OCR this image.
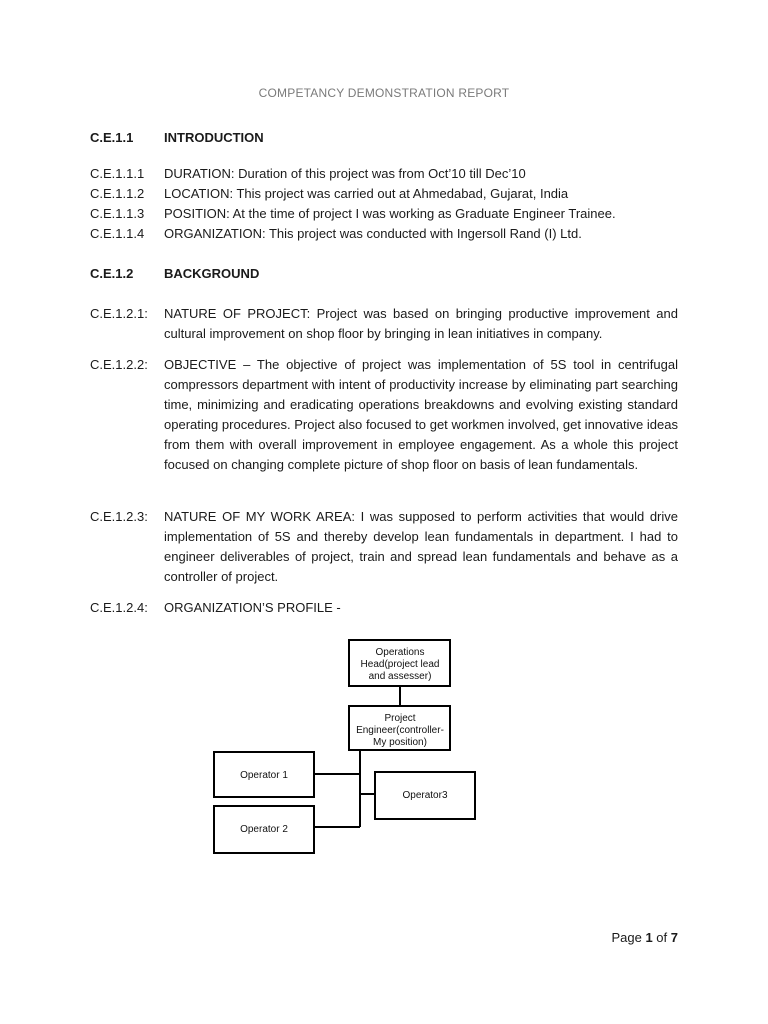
COMPETANCY DEMONSTRATION REPORT
C.E.1.1	INTRODUCTION
C.E.1.1.1	DURATION: Duration of this project was from Oct’10 till Dec’10
C.E.1.1.2	LOCATION: This project was carried out at Ahmedabad, Gujarat, India
C.E.1.1.3	POSITION: At the time of project I was working as Graduate Engineer Trainee.
C.E.1.1.4	ORGANIZATION: This project was conducted with Ingersoll Rand (I) Ltd.
C.E.1.2	BACKGROUND
C.E.1.2.1:	NATURE OF PROJECT: Project was based on bringing productive improvement and cultural improvement on shop floor by bringing in lean initiatives in company.
C.E.1.2.2:	OBJECTIVE – The objective of project was implementation of 5S tool in centrifugal compressors department with intent of productivity increase by eliminating part searching time, minimizing and eradicating operations breakdowns and evolving existing standard operating procedures. Project also focused to get workmen involved, get innovative ideas from them with overall improvement in employee engagement. As a whole this project focused on changing complete picture of shop floor on basis of lean fundamentals.
C.E.1.2.3:	NATURE OF MY WORK AREA: I was supposed to perform activities that would drive implementation of 5S and thereby develop lean fundamentals in department. I had to engineer deliverables of project, train and spread lean fundamentals and behave as a controller of project.
C.E.1.2.4:	ORGANIZATION’S PROFILE -
Operations
Head(project lead
and assesser)
Project
Engineer(controller-
My position)
Operator 1
Operator 2
Operator3
Page 1 of 7
